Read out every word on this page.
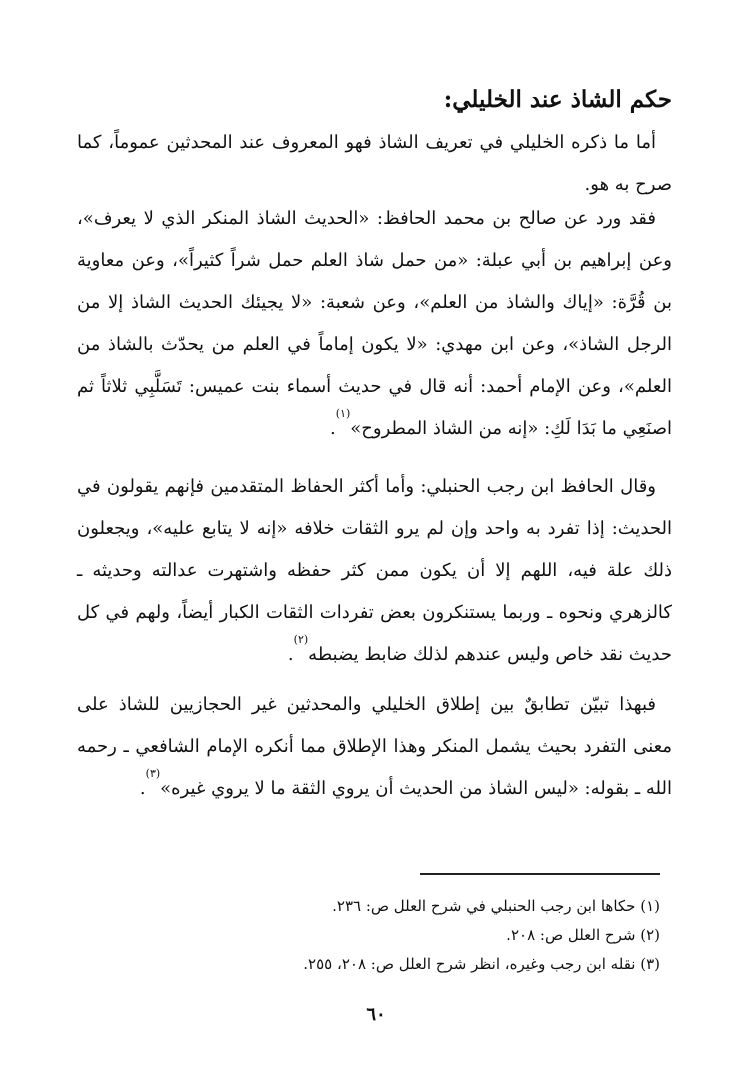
حكم الشاذ عند الخليلي:
أما ما ذكره الخليلي في تعريف الشاذ فهو المعروف عند المحدثين عموماً، كما صرح به هو.
فقد ورد عن صالح بن محمد الحافظ: «الحديث الشاذ المنكر الذي لا يعرف»، وعن إبراهيم بن أبي عبلة: «من حمل شاذ العلم حمل شراً كثيراً»، وعن معاوية بن قُرَّة: «إياك والشاذ من العلم»، وعن شعبة: «لا يجيئك الحديث الشاذ إلا من الرجل الشاذ»، وعن ابن مهدي: «لا يكون إماماً في العلم من يحدّث بالشاذ من العلم»، وعن الإمام أحمد: أنه قال في حديث أسماء بنت عميس: تَسَلَّبِي ثلاثاً ثم اصنَعِي ما بَدَا لَكِ: «إنه من الشاذ المطروح»$^{(١)}$.
وقال الحافظ ابن رجب الحنبلي: وأما أكثر الحفاظ المتقدمين فإنهم يقولون في الحديث: إذا تفرد به واحد وإن لم يرو الثقات خلافه «إنه لا يتابع عليه»، ويجعلون ذلك علة فيه، اللهم إلا أن يكون ممن كثر حفظه واشتهرت عدالته وحديثه ـ كالزهري ونحوه ـ وربما يستنكرون بعض تفردات الثقات الكبار أيضاً، ولهم في كل حديث نقد خاص وليس عندهم لذلك ضابط يضبطه$^{(٢)}$.
فبهذا تبيّن تطابقٌ بين إطلاق الخليلي والمحدثين غير الحجازيين للشاذ على معنى التفرد بحيث يشمل المنكر وهذا الإطلاق مما أنكره الإمام الشافعي ـ رحمه الله ـ بقوله: «ليس الشاذ من الحديث أن يروي الثقة ما لا يروي غيره»$^{(٣)}$.
(١) حكاها ابن رجب الحنبلي في شرح العلل ص: ٢٣٦.
(٢) شرح العلل ص: ٢٠٨.
(٣) نقله ابن رجب وغيره، انظر شرح العلل ص: ٢٠٨، ٢٥٥.
٦٠
